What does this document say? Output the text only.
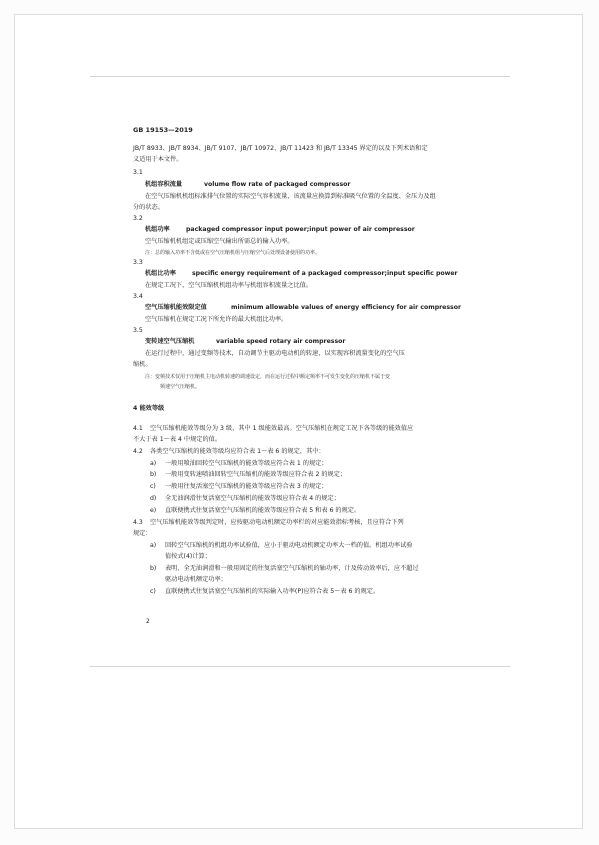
GB 19153—2019
JB/T 8933、JB/T 8934、JB/T 9107、JB/T 10972、JB/T 11423 和 JB/T 13345 界定的以及下列术语和定
义适用于本文件。
3.1
机组容积流量	volume flow rate of packaged compressor
在空气压缩机机组标准排气位置的实际空气容积流量，该流量应换算到标准吸气位置的全温度、全压力及组
分的状态。
3.2
机组功率	packaged compressor input power;input power of air compressor
空气压缩机机组定或压缩空气输出所需总的输入功率。
注：总的输入功率不含低或在空气压缩机组与压缩空气后处理设备使用的功率。
3.3
机组比功率	specific energy requirement of a packaged compressor;input specific power
在规定工况下，空气压缩机机组功率与机组容积流量之比值。
3.4
空气压缩机能效限定值	minimum allowable values of energy efficiency for air compressor
空气压缩机在规定工况下所允许的最大机组比功率。
3.5
变转速空气压缩机	variable speed rotary air compressor
在运行过程中，通过变频等技术，自动调节主驱动电动机的转速，以实现容积流量变化的空气压
缩机。
注：变频技术仅用于压缩机主电动机转速的调速设定，而在运行过程中额定频率不可发生变化的压缩机不属于变
频速空气压缩机。
4 能效等级
4.1 空气压缩机能效等级分为 3 级，其中 1 级能效最高。空气压缩机在规定工况下各等级的能效值应
不大于表 1～表 4 中规定的值。
4.2 各类空气压缩机的能效等级均应符合表 1～表 6 的规定，其中：
a) 一般用喷油回转空气压缩机的能效等级应符合表 1 的规定；
b) 一般用变转速喷油回转空气压缩机的能效等级应符合表 2 的规定；
c) 一般用往复活塞空气压缩机的能效等级应符合表 3 的规定；
d) 全无油润滑往复活塞空气压缩机的能效等级应符合表 4 的规定；
e) 直联便携式往复活塞空气压缩机的能效等级应符合表 5 和表 6 的规定。
4.3 空气压缩机能效等级判定时，应按驱动电动机额定功率栏的对应能效指标考核，且应符合下列
规定：
a) 回转空气压缩机的机组功率试验值，应小于驱动电动机额定功率大一档的值。机组功率试验
值按式(4)计算；
b) 表明、全无油润滑和一般用固定的往复活塞空气压缩机的轴功率，计及传动效率后，应不超过
驱动电动机额定功率；
c) 直联便携式往复活塞空气压缩机的实际输入功率(P)应符合表 5～表 6 的规定。
2
